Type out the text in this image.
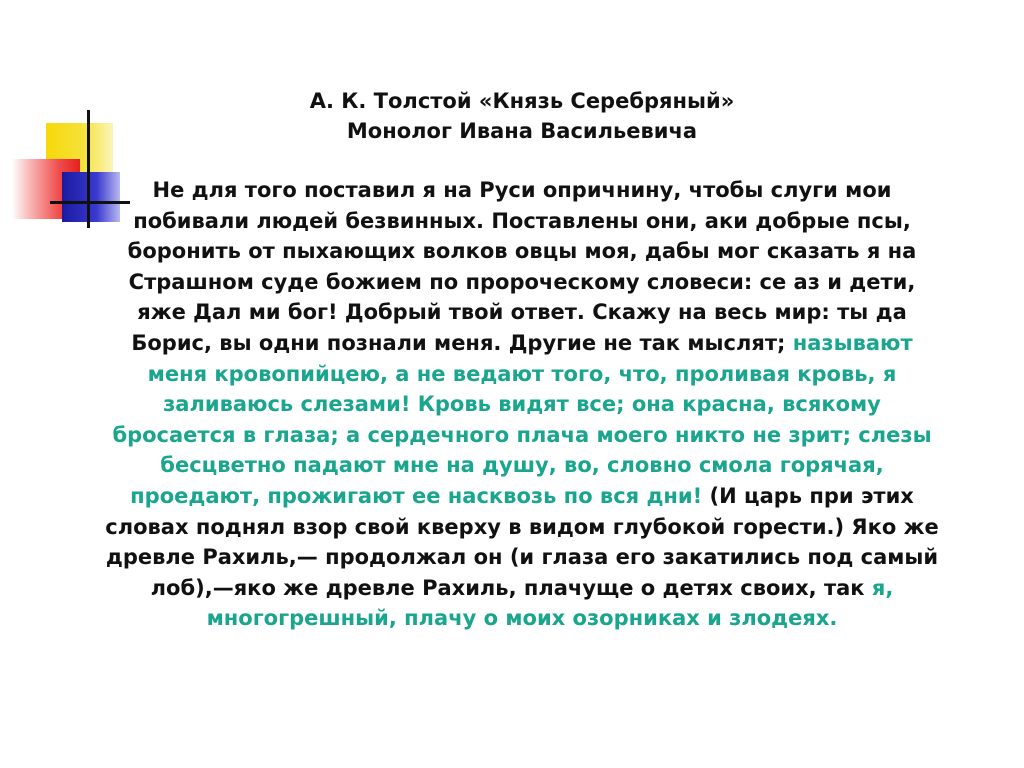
А. К. Толстой «Князь Серебряный»
Монолог Ивана Васильевича
Не для того поставил я на Руси опричнину, чтобы слуги мои побивали людей безвинных. Поставлены они, аки добрые псы, боронить от пыхающих волков овцы моя, дабы мог сказать я на Страшном суде божием по пророческому словеси: се аз и дети, яже Дал ми бог! Добрый твой ответ. Скажу на весь мир: ты да Борис, вы одни познали меня. Другие не так мыслят; называют меня кровопийцею, а не ведают того, что, проливая кровь, я заливаюсь слезами! Кровь видят все; она красна, всякому бросается в глаза; а сердечного плача моего никто не зрит; слезы бесцветно падают мне на душу, во, словно смола горячая, проедают, прожигают ее насквозь по вся дни! (И царь при этих словах поднял взор свой кверху в видом глубокой горести.) Яко же древле Рахиль,— продолжал он (и глаза его закатились под самый лоб),—яко же древле Рахиль, плачуще о детях своих, так я, многогрешный, плачу о моих озорниках и злодеях.
